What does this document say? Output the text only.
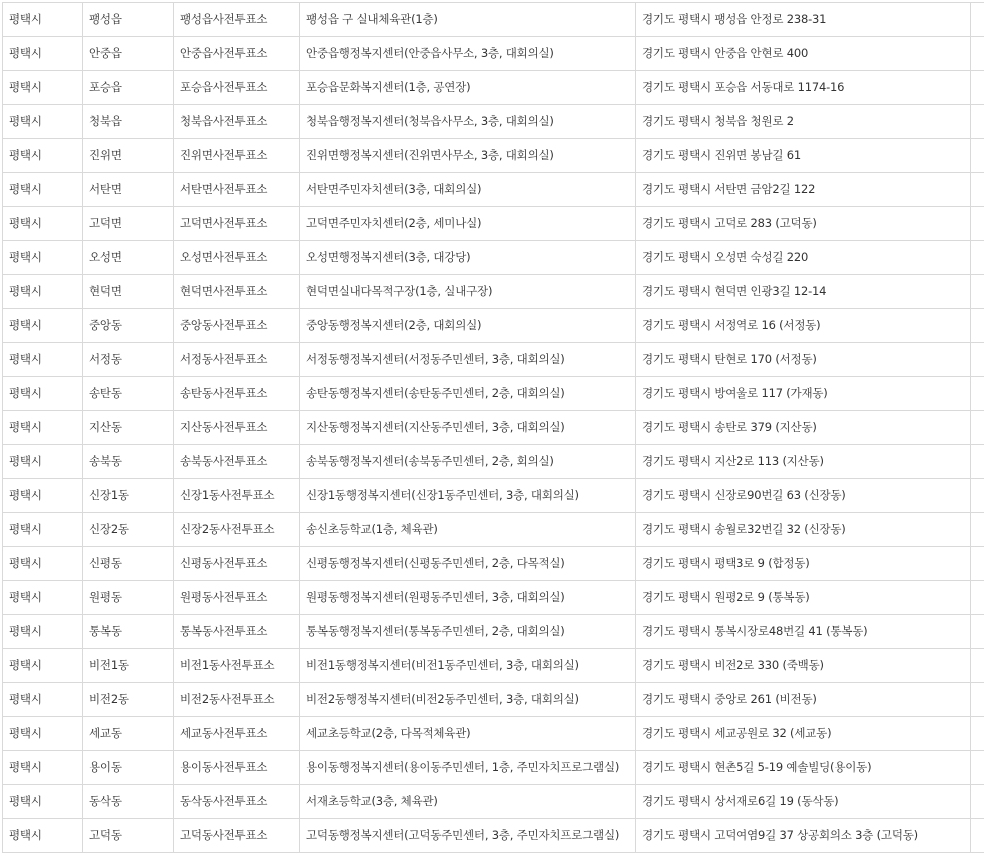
평택시	팽성읍	팽성읍사전투표소	팽성읍 구 실내체육관(1층)	경기도 평택시 팽성읍 안정로 238-31	
평택시	안중읍	안중읍사전투표소	안중읍행정복지센터(안중읍사무소, 3층, 대회의실)	경기도 평택시 안중읍 안현로 400	
평택시	포승읍	포승읍사전투표소	포승읍문화복지센터(1층, 공연장)	경기도 평택시 포승읍 서동대로 1174-16	
평택시	청북읍	청북읍사전투표소	청북읍행정복지센터(청북읍사무소, 3층, 대회의실)	경기도 평택시 청북읍 청원로 2	
평택시	진위면	진위면사전투표소	진위면행정복지센터(진위면사무소, 3층, 대회의실)	경기도 평택시 진위면 봉남길 61	
평택시	서탄면	서탄면사전투표소	서탄면주민자치센터(3층, 대회의실)	경기도 평택시 서탄면 금암2길 122	
평택시	고덕면	고덕면사전투표소	고덕면주민자치센터(2층, 세미나실)	경기도 평택시 고덕로 283 (고덕동)	
평택시	오성면	오성면사전투표소	오성면행정복지센터(3층, 대강당)	경기도 평택시 오성면 숙성길 220	
평택시	현덕면	현덕면사전투표소	현덕면실내다목적구장(1층, 실내구장)	경기도 평택시 현덕면 인광3길 12-14	
평택시	중앙동	중앙동사전투표소	중앙동행정복지센터(2층, 대회의실)	경기도 평택시 서정역로 16 (서정동)	
평택시	서정동	서정동사전투표소	서정동행정복지센터(서정동주민센터, 3층, 대회의실)	경기도 평택시 탄현로 170 (서정동)	
평택시	송탄동	송탄동사전투표소	송탄동행정복지센터(송탄동주민센터, 2층, 대회의실)	경기도 평택시 방여울로 117 (가재동)	
평택시	지산동	지산동사전투표소	지산동행정복지센터(지산동주민센터, 3층, 대회의실)	경기도 평택시 송탄로 379 (지산동)	
평택시	송북동	송북동사전투표소	송북동행정복지센터(송북동주민센터, 2층, 회의실)	경기도 평택시 지산2로 113 (지산동)	
평택시	신장1동	신장1동사전투표소	신장1동행정복지센터(신장1동주민센터, 3층, 대회의실)	경기도 평택시 신장로90번길 63 (신장동)	
평택시	신장2동	신장2동사전투표소	송신초등학교(1층, 체육관)	경기도 평택시 송월로32번길 32 (신장동)	
평택시	신평동	신평동사전투표소	신평동행정복지센터(신평동주민센터, 2층, 다목적실)	경기도 평택시 평택3로 9 (합정동)	
평택시	원평동	원평동사전투표소	원평동행정복지센터(원평동주민센터, 3층, 대회의실)	경기도 평택시 원평2로 9 (통복동)	
평택시	통복동	통복동사전투표소	통복동행정복지센터(통복동주민센터, 2층, 대회의실)	경기도 평택시 통복시장로48번길 41 (통복동)	
평택시	비전1동	비전1동사전투표소	비전1동행정복지센터(비전1동주민센터, 3층, 대회의실)	경기도 평택시 비전2로 330 (죽백동)	
평택시	비전2동	비전2동사전투표소	비전2동행정복지센터(비전2동주민센터, 3층, 대회의실)	경기도 평택시 중앙로 261 (비전동)	
평택시	세교동	세교동사전투표소	세교초등학교(2층, 다목적체육관)	경기도 평택시 세교공원로 32 (세교동)	
평택시	용이동	용이동사전투표소	용이동행정복지센터(용이동주민센터, 1층, 주민자치프로그램실)	경기도 평택시 현촌5길 5-19 예솔빌딩(용이동)	
평택시	동삭동	동삭동사전투표소	서재초등학교(3층, 체육관)	경기도 평택시 상서재로6길 19 (동삭동)	
평택시	고덕동	고덕동사전투표소	고덕동행정복지센터(고덕동주민센터, 3층, 주민자치프로그램실)	경기도 평택시 고덕여염9길 37 상공회의소 3층 (고덕동)	
